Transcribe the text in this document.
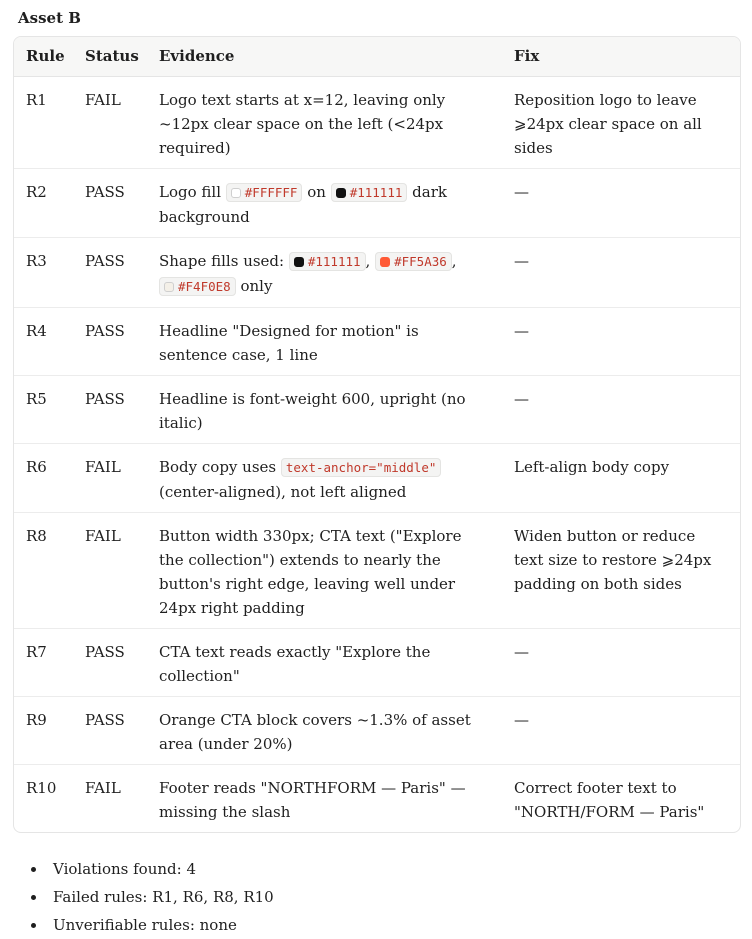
Asset B
Rule	Status	Evidence	Fix
R1	FAIL	Logo text starts at x=12, leaving only ~12px clear space on the left (<24px required)	Reposition logo to leave ⩾24px clear space on all sides
R2	PASS	Logo fill #FFFFFF on #111111 dark background	—
R3	PASS	Shape fills used: #111111 , #FF5A36 , #F4F0E8 only	—
R4	PASS	Headline "Designed for motion" is sentence case, 1 line	—
R5	PASS	Headline is font-weight 600, upright (no italic)	—
R6	FAIL	Body copy uses text-anchor="middle" (center-aligned), not left aligned	Left-align body copy
R8	FAIL	Button width 330px; CTA text ("Explore the collection") extends to nearly the button's right edge, leaving well under 24px right padding	Widen button or reduce text size to restore ⩾24px padding on both sides
R7	PASS	CTA text reads exactly "Explore the collection"	—
R9	PASS	Orange CTA block covers ~1.3% of asset area (under 20%)	—
R10	FAIL	Footer reads "NORTHFORM — Paris" — missing the slash	Correct footer text to "NORTH/FORM — Paris"
Violations found: 4
Failed rules: R1, R6, R8, R10
Unverifiable rules: none
